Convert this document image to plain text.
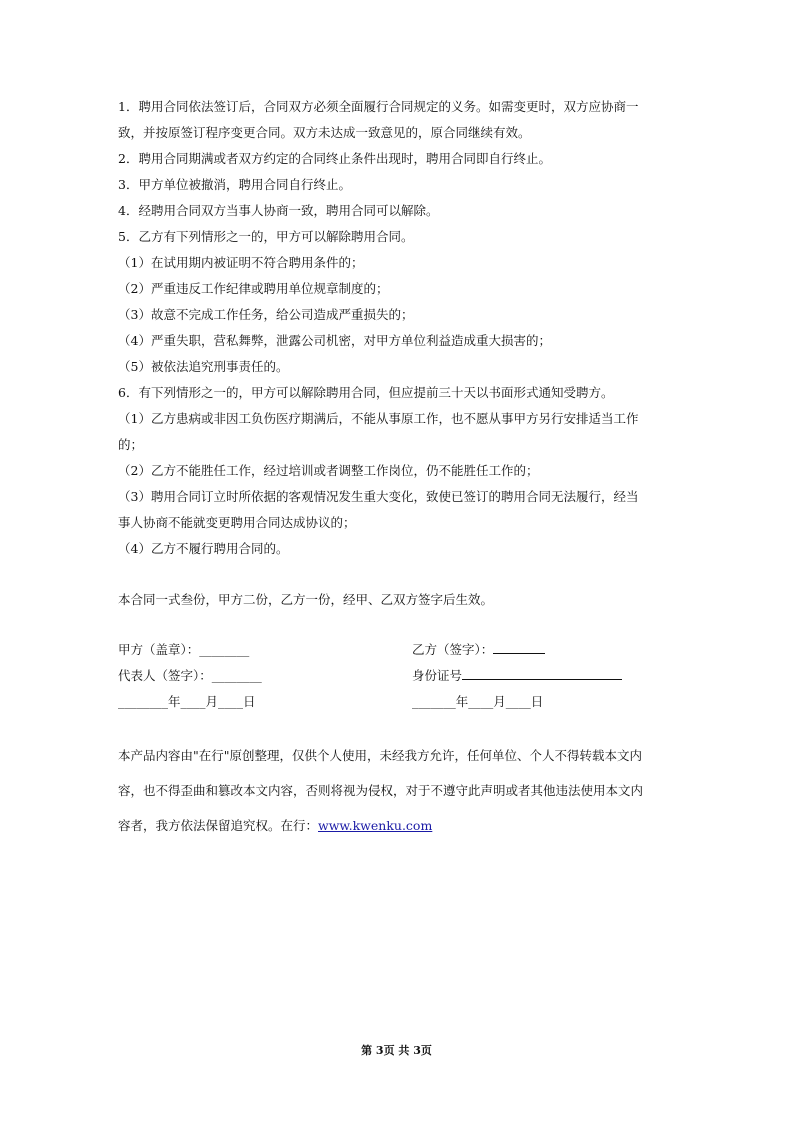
1．聘用合同依法签订后，合同双方必须全面履行合同规定的义务。如需变更时，双方应协商一
致，并按原签订程序变更合同。双方未达成一致意见的，原合同继续有效。
2．聘用合同期满或者双方约定的合同终止条件出现时，聘用合同即自行终止。
3．甲方单位被撤消，聘用合同自行终止。
4．经聘用合同双方当事人协商一致，聘用合同可以解除。
5．乙方有下列情形之一的，甲方可以解除聘用合同。
（1）在试用期内被证明不符合聘用条件的；
（2）严重违反工作纪律或聘用单位规章制度的；
（3）故意不完成工作任务，给公司造成严重损失的；
（4）严重失职，营私舞弊，泄露公司机密，对甲方单位利益造成重大损害的；
（5）被依法追究刑事责任的。
6．有下列情形之一的，甲方可以解除聘用合同，但应提前三十天以书面形式通知受聘方。
（1）乙方患病或非因工负伤医疗期满后，不能从事原工作，也不愿从事甲方另行安排适当工作
的；
（2）乙方不能胜任工作，经过培训或者调整工作岗位，仍不能胜任工作的；
（3）聘用合同订立时所依据的客观情况发生重大变化，致使已签订的聘用合同无法履行，经当
事人协商不能就变更聘用合同达成协议的；
（4）乙方不履行聘用合同的。
本合同一式叁份，甲方二份，乙方一份，经甲、乙双方签字后生效。
甲方（盖章）：________
代表人（签字）：________
________年____月____日
乙方（签字）：
身份证号
_______年____月____日
本产品内容由"在行"原创整理，仅供个人使用，未经我方允许，任何单位、个人不得转载本文内
容，也不得歪曲和篡改本文内容，否则将视为侵权，对于不遵守此声明或者其他违法使用本文内
容者，我方依法保留追究权。在行：www.kwenku.com
第 3页 共 3页
